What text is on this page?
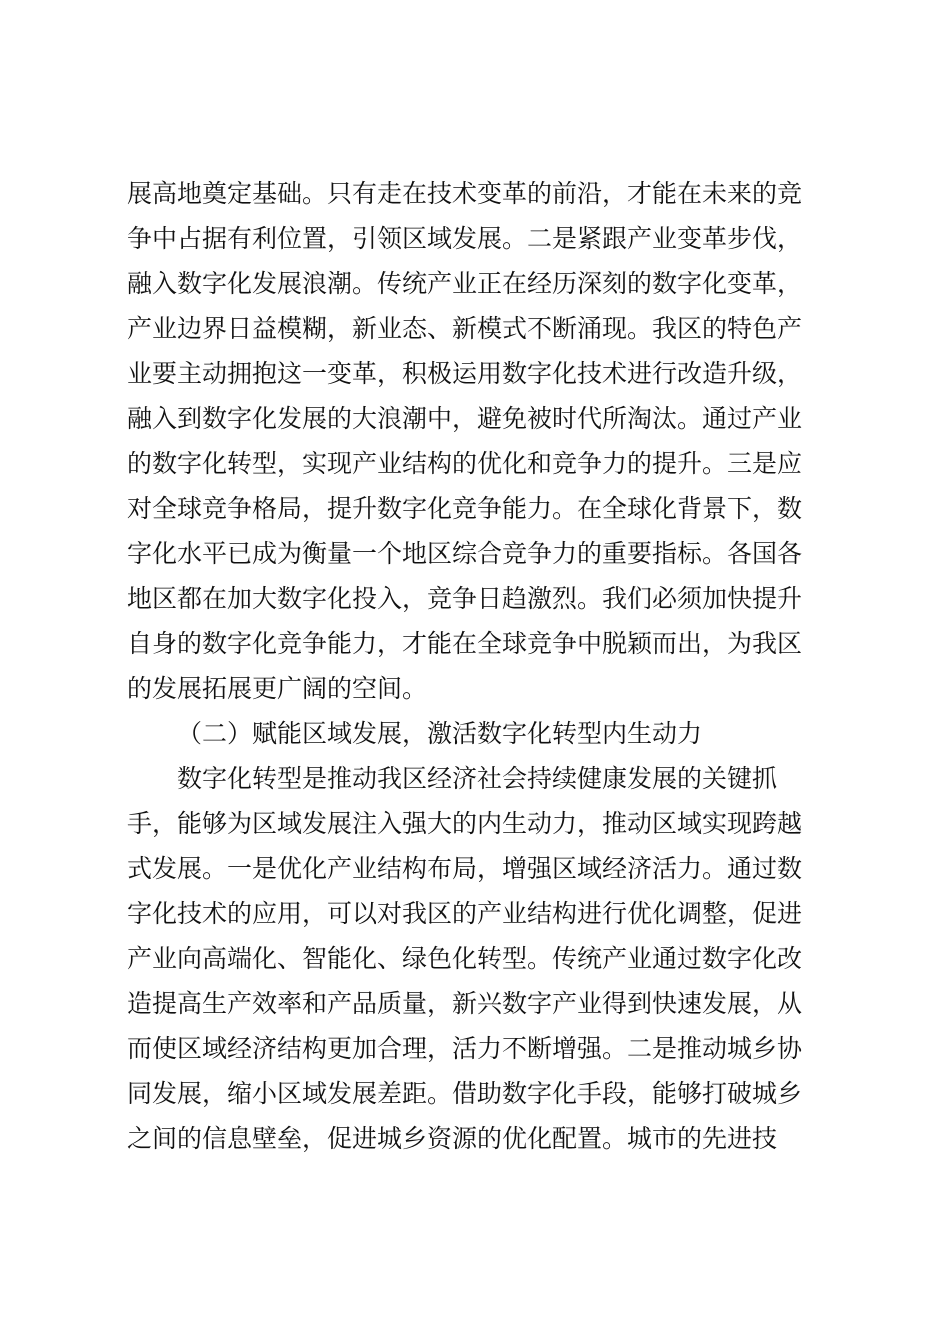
展高地奠定基础。只有走在技术变革的前沿，才能在未来的竞
争中占据有利位置，引领区域发展。二是紧跟产业变革步伐，
融入数字化发展浪潮。传统产业正在经历深刻的数字化变革，
产业边界日益模糊，新业态、新模式不断涌现。我区的特色产
业要主动拥抱这一变革，积极运用数字化技术进行改造升级，
融入到数字化发展的大浪潮中，避免被时代所淘汰。通过产业
的数字化转型，实现产业结构的优化和竞争力的提升。三是应
对全球竞争格局，提升数字化竞争能力。在全球化背景下，数
字化水平已成为衡量一个地区综合竞争力的重要指标。各国各
地区都在加大数字化投入，竞争日趋激烈。我们必须加快提升
自身的数字化竞争能力，才能在全球竞争中脱颖而出，为我区
的发展拓展更广阔的空间。
（二）赋能区域发展，激活数字化转型内生动力
数字化转型是推动我区经济社会持续健康发展的关键抓
手，能够为区域发展注入强大的内生动力，推动区域实现跨越
式发展。一是优化产业结构布局，增强区域经济活力。通过数
字化技术的应用，可以对我区的产业结构进行优化调整，促进
产业向高端化、智能化、绿色化转型。传统产业通过数字化改
造提高生产效率和产品质量，新兴数字产业得到快速发展，从
而使区域经济结构更加合理，活力不断增强。二是推动城乡协
同发展，缩小区域发展差距。借助数字化手段，能够打破城乡
之间的信息壁垒，促进城乡资源的优化配置。城市的先进技
